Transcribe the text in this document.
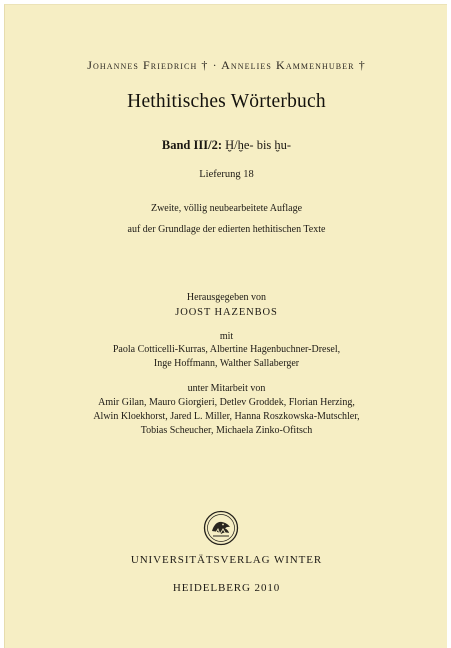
Johannes Friedrich † · Annelies Kammenhuber †
Hethitisches Wörterbuch
Band III/2: Ḫ/ḫe- bis ḫu-
Lieferung 18
Zweite, völlig neubearbeitete Auflage
auf der Grundlage der edierten hethitischen Texte
Herausgegeben von
JOOST HAZENBOS
mit
Paola Cotticelli-Kurras, Albertine Hagenbuchner-Dresel,
Inge Hoffmann, Walther Sallaberger
unter Mitarbeit von
Amir Gilan, Mauro Giorgieri, Detlev Groddek, Florian Herzing,
Alwin Kloekhorst, Jared L. Miller, Hanna Roszkowska-Mutschler,
Tobias Scheucher, Michaela Zinko-Ofitsch
UNIVERSITÄTSVERLAG WINTER
HEIDELBERG 2010
